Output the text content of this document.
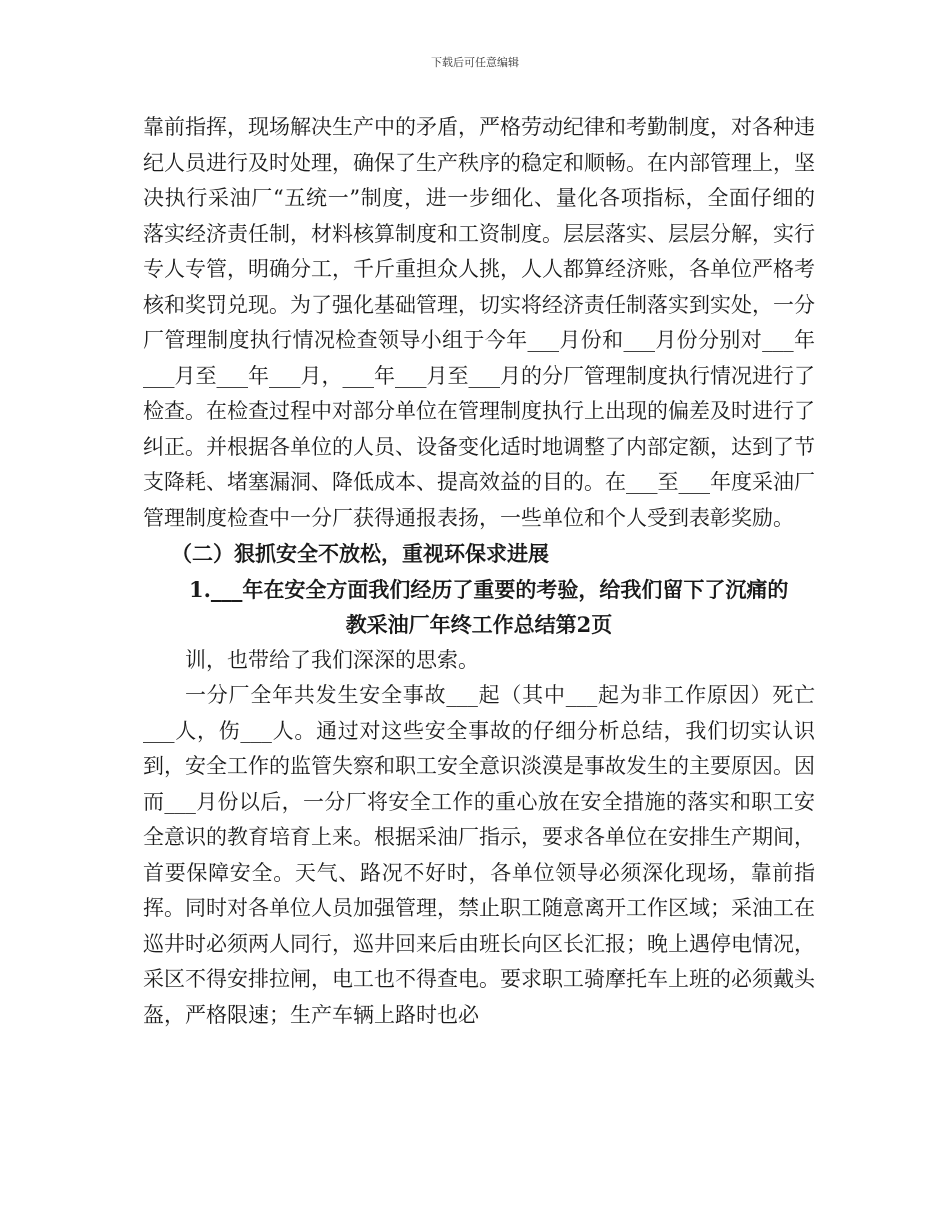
下载后可任意编辑

靠前指挥，现场解决生产中的矛盾，严格劳动纪律和考勤制度，对各种违纪人员进行及时处理，确保了生产秩序的稳定和顺畅。在内部管理上，坚决执行采油厂“五统一”制度，进一步细化、量化各项指标，全面仔细的落实经济责任制，材料核算制度和工资制度。层层落实、层层分解，实行专人专管，明确分工，千斤重担众人挑，人人都算经济账，各单位严格考核和奖罚兑现。为了强化基础管理，切实将经济责任制落实到实处，一分厂管理制度执行情况检查领导小组于今年___月份和___月份分别对___年___月至___年___月，___年___月至___月的分厂管理制度执行情况进行了检查。在检查过程中对部分单位在管理制度执行上出现的偏差及时进行了纠正。并根据各单位的人员、设备变化适时地调整了内部定额，达到了节支降耗、堵塞漏洞、降低成本、提高效益的目的。在___至___年度采油厂管理制度检查中一分厂获得通报表扬，一些单位和个人受到表彰奖励。

（二）狠抓安全不放松，重视环保求进展

1.___年在安全方面我们经历了重要的考验，给我们留下了沉痛的

教采油厂年终工作总结第2页

训，也带给了我们深深的思索。

一分厂全年共发生安全事故___起（其中___起为非工作原因）死亡___人，伤___人。通过对这些安全事故的仔细分析总结，我们切实认识到，安全工作的监管失察和职工安全意识淡漠是事故发生的主要原因。因而___月份以后，一分厂将安全工作的重心放在安全措施的落实和职工安全意识的教育培育上来。根据采油厂指示，要求各单位在安排生产期间，首要保障安全。天气、路况不好时，各单位领导必须深化现场，靠前指挥。同时对各单位人员加强管理，禁止职工随意离开工作区域；采油工在巡井时必须两人同行，巡井回来后由班长向区长汇报；晚上遇停电情况，采区不得安排拉闸，电工也不得查电。要求职工骑摩托车上班的必须戴头盔，严格限速；生产车辆上路时也必
